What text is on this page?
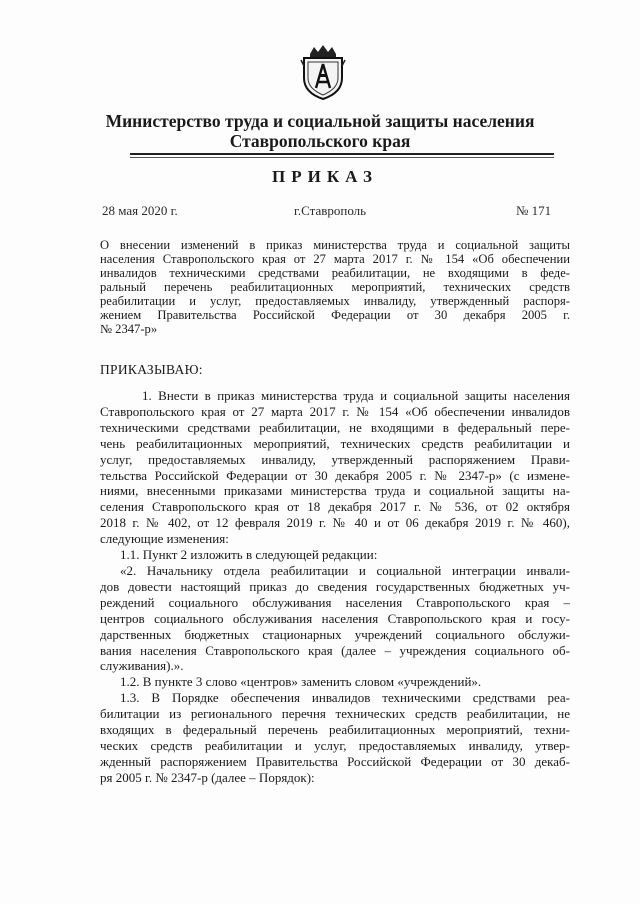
Министерство труда и социальной защиты населения
Ставропольского края
ПРИКАЗ
28 мая 2020 г.	г.Ставрополь	№ 171
О внесении изменений в приказ министерства труда и социальной защиты
населения Ставропольского края от 27 марта 2017 г. № 154 «Об обеспечении
инвалидов техническими средствами реабилитации, не входящими в феде-
ральный перечень реабилитационных мероприятий, технических средств
реабилитации и услуг, предоставляемых инвалиду, утвержденный распоря-
жением Правительства Российской Федерации от 30 декабря 2005 г.
№ 2347-р»
ПРИКАЗЫВАЮ:
1. Внести в приказ министерства труда и социальной защиты населения
Ставропольского края от 27 марта 2017 г. № 154 «Об обеспечении инвалидов
техническими средствами реабилитации, не входящими в федеральный пере-
чень реабилитационных мероприятий, технических средств реабилитации и
услуг, предоставляемых инвалиду, утвержденный распоряжением Прави-
тельства Российской Федерации от 30 декабря 2005 г. № 2347-р» (с измене-
ниями, внесенными приказами министерства труда и социальной защиты на-
селения Ставропольского края от 18 декабря 2017 г. № 536, от 02 октября
2018 г. № 402, от 12 февраля 2019 г. № 40 и от 06 декабря 2019 г. № 460),
следующие изменения:
1.1. Пункт 2 изложить в следующей редакции:
«2. Начальнику отдела реабилитации и социальной интеграции инвали-
дов довести настоящий приказ до сведения государственных бюджетных уч-
реждений социального обслуживания населения Ставропольского края –
центров социального обслуживания населения Ставропольского края и госу-
дарственных бюджетных стационарных учреждений социального обслужи-
вания населения Ставропольского края (далее – учреждения социального об-
служивания).».
1.2. В пункте 3 слово «центров» заменить словом «учреждений».
1.3. В Порядке обеспечения инвалидов техническими средствами реа-
билитации из регионального перечня технических средств реабилитации, не
входящих в федеральный перечень реабилитационных мероприятий, техни-
ческих средств реабилитации и услуг, предоставляемых инвалиду, утвер-
жденный распоряжением Правительства Российской Федерации от 30 декаб-
ря 2005 г. № 2347-р (далее – Порядок):
